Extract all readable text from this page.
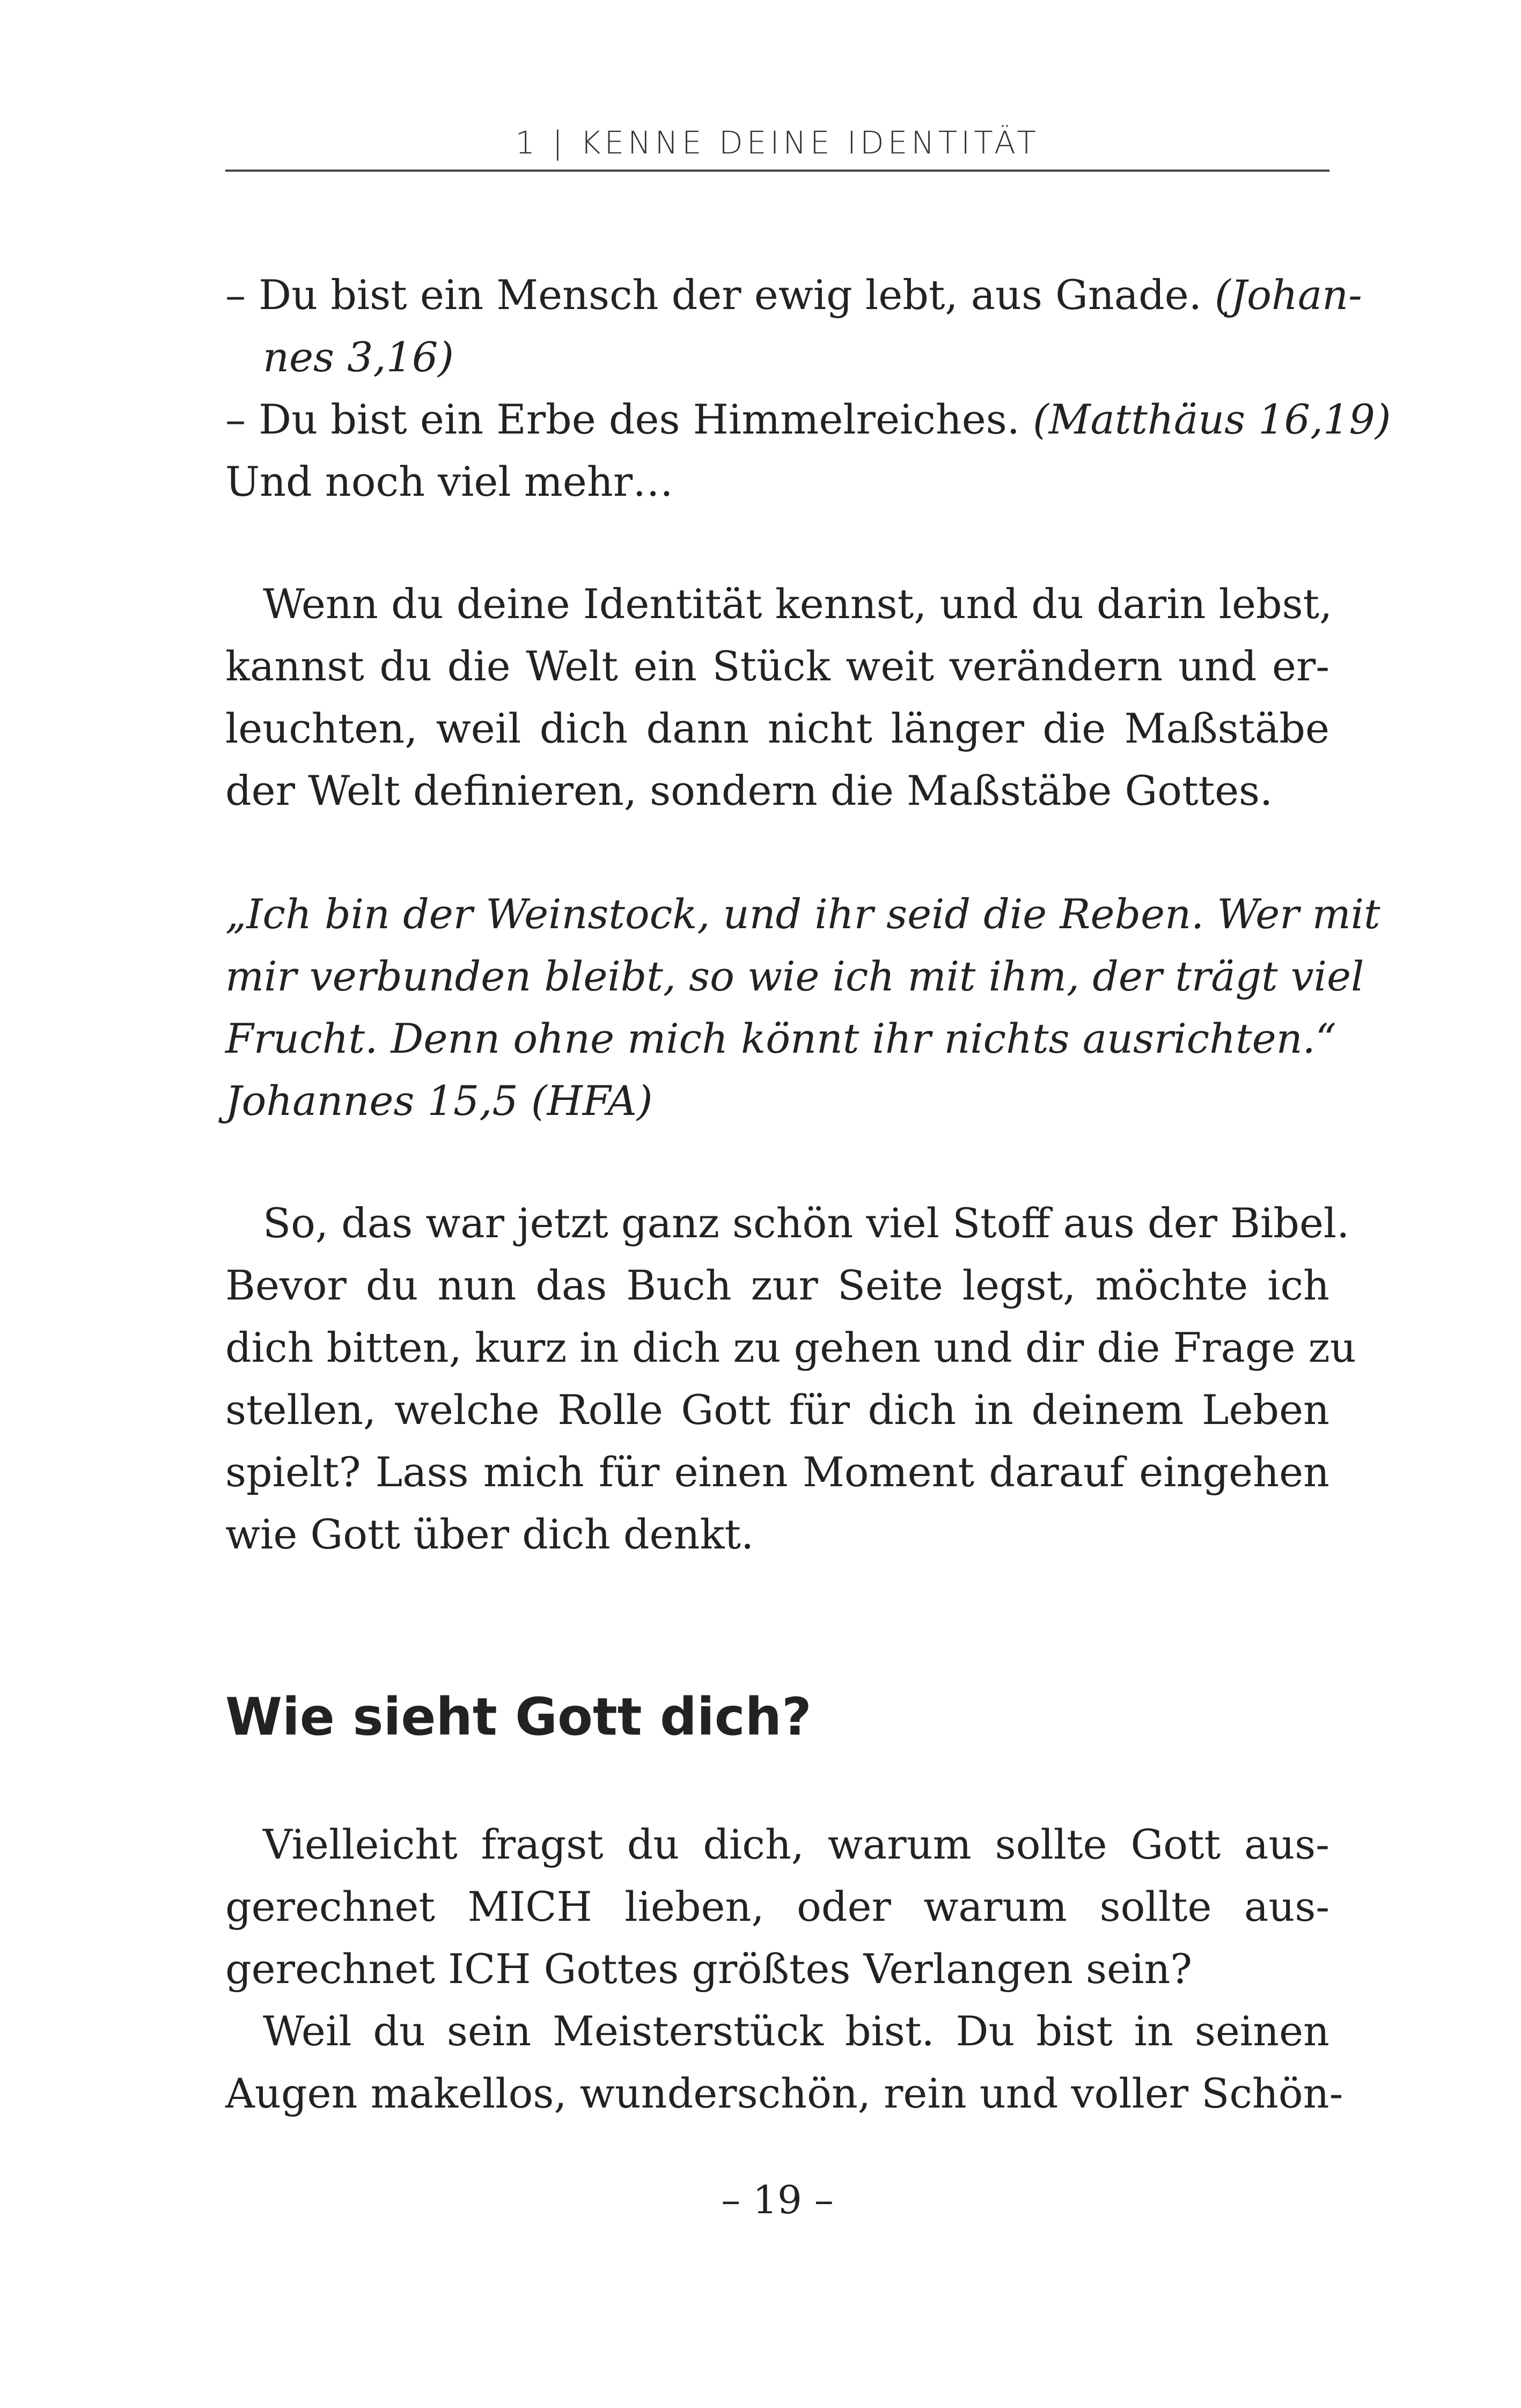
1 | KENNE DEINE IDENTITÄT
– Du bist ein Mensch der ewig lebt, aus Gnade. (Johan-
nes 3,16)
– Du bist ein Erbe des Himmelreiches. (Matthäus 16,19)
Und noch viel mehr…
Wenn du deine Identität kennst, und du darin lebst,
kannst du die Welt ein Stück weit verändern und er-
leuchten, weil dich dann nicht länger die Maßstäbe
der Welt definieren, sondern die Maßstäbe Gottes.
„Ich bin der Weinstock, und ihr seid die Reben. Wer mit
mir verbunden bleibt, so wie ich mit ihm, der trägt viel
Frucht. Denn ohne mich könnt ihr nichts ausrichten.“
Johannes 15,5 (HFA)
So, das war jetzt ganz schön viel Stoff aus der Bibel.
Bevor du nun das Buch zur Seite legst, möchte ich
dich bitten, kurz in dich zu gehen und dir die Frage zu
stellen, welche Rolle Gott für dich in deinem Leben
spielt? Lass mich für einen Moment darauf eingehen
wie Gott über dich denkt.
Wie sieht Gott dich?
Vielleicht fragst du dich, warum sollte Gott aus-
gerechnet MICH lieben, oder warum sollte aus-
gerechnet ICH Gottes größtes Verlangen sein?
Weil du sein Meisterstück bist. Du bist in seinen
Augen makellos, wunderschön, rein und voller Schön-
– 19 –
